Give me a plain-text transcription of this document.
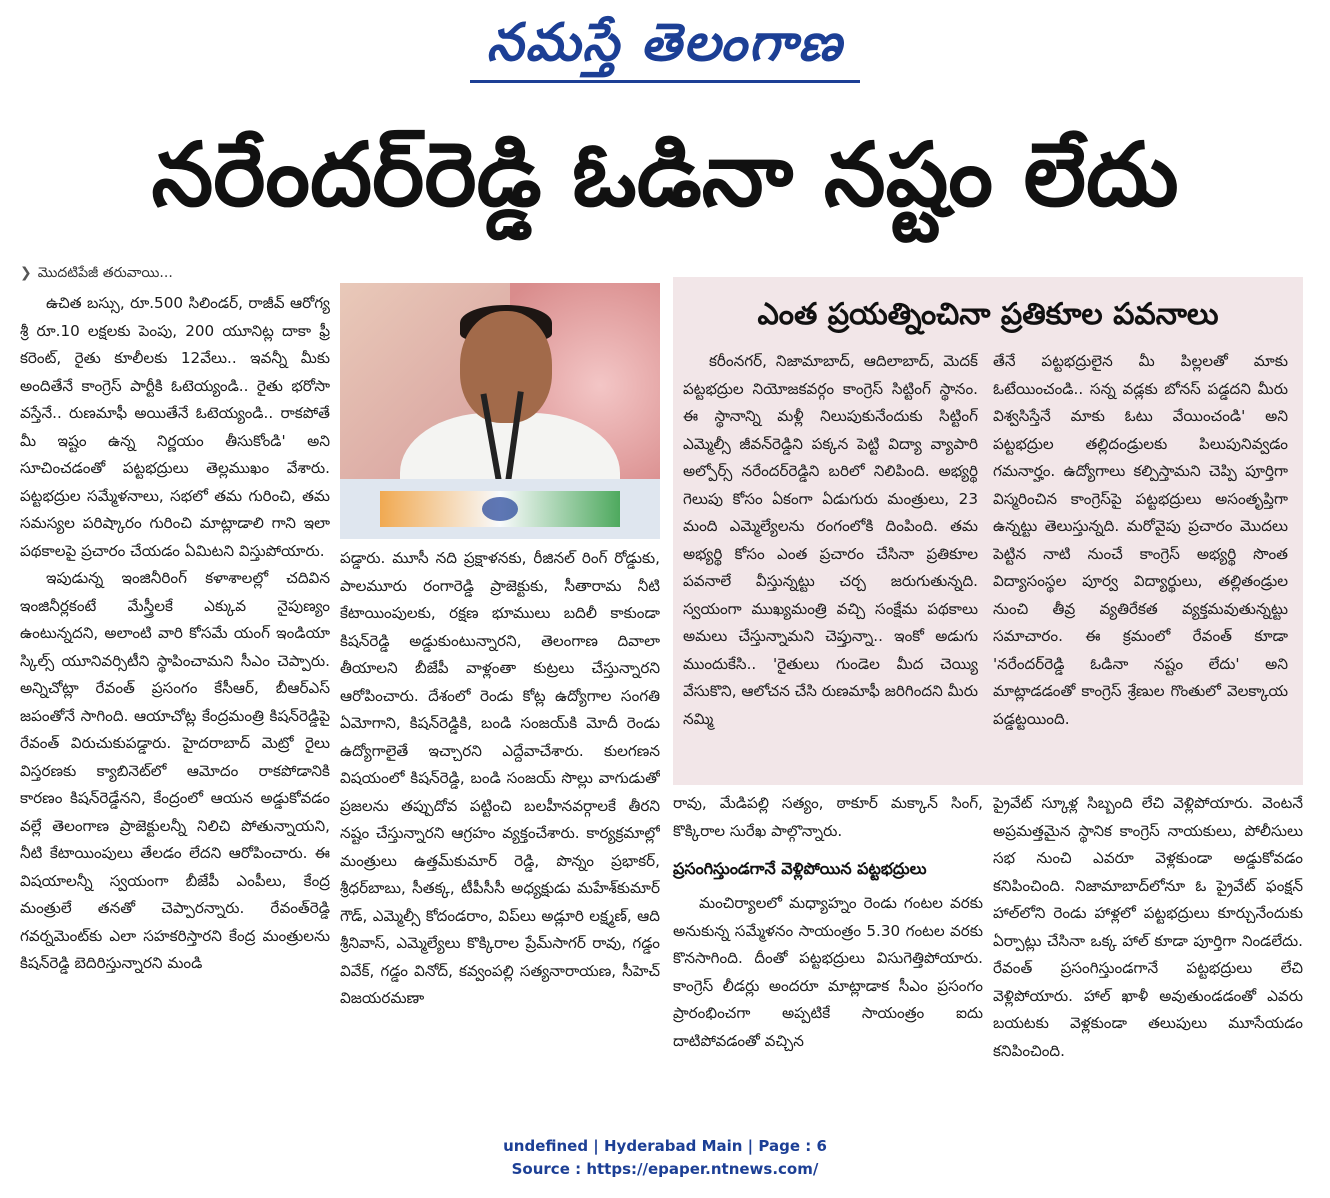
నమస్తే తెలంగాణ
నరేందర్‌రెడ్డి ఓడినా నష్టం లేదు
❯ మొదటిపేజీ తరువాయి...

ఉచిత బస్సు, రూ.500 సిలిండర్, రాజీవ్ ఆరోగ్య శ్రీ రూ.10 లక్షలకు పెంపు, 200 యూనిట్ల దాకా ఫ్రీ కరెంట్, రైతు కూలీలకు 12వేలు.. ఇవన్నీ మీకు అందితేనే కాంగ్రెస్ పార్టీకి ఓటెయ్యండి.. రైతు భరోసా వస్తేనే.. రుణమాఫీ అయితేనే ఓటెయ్యండి.. రాకపోతే మీ ఇష్టం ఉన్న నిర్ణయం తీసుకోండి' అని సూచించడంతో పట్టభద్రులు తెల్లముఖం వేశారు. పట్టభద్రుల సమ్మేళనాలు, సభలో తమ గురించి, తమ సమస్యల పరిష్కారం గురించి మాట్లాడాలి గాని ఇలా పథకాలపై ప్రచారం చేయడం ఏమిటని విస్తుపోయారు.

ఇపుడున్న ఇంజినీరింగ్ కళాశాలల్లో చదివిన ఇంజినీర్లకంటే మేస్త్రీలకే ఎక్కువ నైపుణ్యం ఉంటున్నదని, అలాంటి వారి కోసమే యంగ్ ఇండియా స్కిల్స్ యూనివర్సిటీని స్థాపించామని సీఎం చెప్పారు. అన్నిచోట్లా రేవంత్ ప్రసంగం కేసీఆర్, బీఆర్‌ఎస్ జపంతోనే సాగింది. ఆయాచోట్ల కేంద్రమంత్రి కిషన్‌రెడ్డిపై రేవంత్ విరుచుకుపడ్డారు. హైదరాబాద్ మెట్రో రైలు విస్తరణకు క్యాబినెట్‌లో ఆమోదం రాకపోడానికి కారణం కిషన్‌రెడ్డేనని, కేంద్రంలో ఆయన అడ్డుకోవడం వల్లే తెలంగాణ ప్రాజెక్టులన్నీ నిలిచి పోతున్నాయని, నీటి కేటాయింపులు తేలడం లేదని ఆరోపించారు. ఈ విషయాలన్నీ స్వయంగా బీజేపీ ఎంపీలు, కేంద్ర మంత్రులే తనతో చెప్పారన్నారు. రేవంత్‌రెడ్డి గవర్నమెంట్‌కు ఎలా సహకరిస్తారని కేంద్ర మంత్రులను కిషన్‌రెడ్డి బెదిరిస్తున్నారని మండి

పడ్డారు. మూసీ నది ప్రక్షాళనకు, రీజినల్ రింగ్ రోడ్డుకు, పాలమూరు రంగారెడ్డి ప్రాజెక్టుకు, సీతారామ నీటి కేటాయింపులకు, రక్షణ భూములు బదిలీ కాకుండా కిషన్‌రెడ్డి అడ్డుకుంటున్నారని, తెలంగాణ దివాలా తీయాలని బీజేపీ వాళ్లంతా కుట్రలు చేస్తున్నారని ఆరోపించారు. దేశంలో రెండు కోట్ల ఉద్యోగాల సంగతి ఏమోగాని, కిషన్‌రెడ్డికి, బండి సంజయ్‌కి మోదీ రెండు ఉద్యోగాలైతే ఇచ్చారని ఎద్దేవాచేశారు. కులగణన విషయంలో కిషన్‌రెడ్డి, బండి సంజయ్ సొల్లు వాగుడుతో ప్రజలను తప్పుదోవ పట్టించి బలహీనవర్గాలకే తీరని నష్టం చేస్తున్నారని ఆగ్రహం వ్యక్తంచేశారు. కార్యక్రమాల్లో మంత్రులు ఉత్తమ్‌కుమార్ రెడ్డి, పొన్నం ప్రభాకర్, శ్రీధర్‌బాబు, సీతక్క, టీపీసీసీ అధ్యక్షుడు మహేశ్‌కుమార్ గౌడ్, ఎమ్మెల్సీ కోదండరాం, విప్‌లు అడ్లూరి లక్ష్మణ్, ఆది శ్రీనివాస్, ఎమ్మెల్యేలు కొక్కిరాల ప్రేమ్‌సాగర్ రావు, గడ్డం వివేక్, గడ్డం వినోద్, కవ్వంపల్లి సత్యనారాయణ, సీహెచ్ విజయరమణా

ఎంత ప్రయత్నించినా ప్రతికూల పవనాలు

కరీంనగర్, నిజామాబాద్, ఆదిలాబాద్, మెదక్ పట్టభద్రుల నియోజకవర్గం కాంగ్రెస్ సిట్టింగ్ స్థానం. ఈ స్థానాన్ని మళ్లీ నిలుపుకునేందుకు సిట్టింగ్ ఎమ్మెల్సీ జీవన్‌రెడ్డిని పక్కన పెట్టి విద్యా వ్యాపారి అల్పోర్స్ నరేందర్‌రెడ్డిని బరిలో నిలిపింది. అభ్యర్థి గెలుపు కోసం ఏకంగా ఏడుగురు మంత్రులు, 23 మంది ఎమ్మెల్యేలను రంగంలోకి దింపింది. తమ అభ్యర్థి కోసం ఎంత ప్రచారం చేసినా ప్రతికూల పవనాలే వీస్తున్నట్టు చర్చ జరుగుతున్నది. స్వయంగా ముఖ్యమంత్రి వచ్చి సంక్షేమ పథకాలు అమలు చేస్తున్నామని చెప్తున్నా.. ఇంకో అడుగు ముందుకేసి.. 'రైతులు గుండెల మీద చెయ్యి వేసుకొని, ఆలోచన చేసి రుణమాఫీ జరిగిందని మీరు నమ్మి

తేనే పట్టభద్రులైన మీ పిల్లలతో మాకు ఓటేయించండి.. సన్న వడ్లకు బోనస్ పడ్డదని మీరు విశ్వసిస్తేనే మాకు ఓటు వేయించండి' అని పట్టభద్రుల తల్లిదండ్రులకు పిలుపునివ్వడం గమనార్హం. ఉద్యోగాలు కల్పిస్తామని చెప్పి పూర్తిగా విస్మరించిన కాంగ్రెస్‌పై పట్టభద్రులు అసంతృప్తిగా ఉన్నట్టు తెలుస్తున్నది. మరోవైపు ప్రచారం మొదలు పెట్టిన నాటి నుంచే కాంగ్రెస్ అభ్యర్థి సొంత విద్యాసంస్థల పూర్వ విద్యార్థులు, తల్లితండ్రుల నుంచి తీవ్ర వ్యతిరేకత వ్యక్తమవుతున్నట్టు సమాచారం. ఈ క్రమంలో రేవంత్ కూడా 'నరేందర్‌రెడ్డి ఓడినా నష్టం లేదు' అని మాట్లాడడంతో కాంగ్రెస్ శ్రేణుల గొంతులో వెలక్కాయ పడ్డట్టయింది.

రావు, మేడిపల్లి సత్యం, ఠాకూర్ మక్కాన్ సింగ్, కొక్కిరాల సురేఖ పాల్గొన్నారు.

ప్రసంగిస్తుండగానే వెళ్లిపోయిన పట్టభద్రులు

మంచిర్యాలలో మధ్యాహ్నం రెండు గంటల వరకు అనుకున్న సమ్మేళనం సాయంత్రం 5.30 గంటల వరకు కొనసాగింది. దీంతో పట్టభద్రులు విసుగెత్తిపోయారు. కాంగ్రెస్ లీడర్లు అందరూ మాట్లాడాక సీఎం ప్రసంగం ప్రారంభించగా అప్పటికే సాయంత్రం ఐదు దాటిపోవడంతో వచ్చిన

ప్రైవేట్ స్కూళ్ల సిబ్బంది లేచి వెళ్లిపోయారు. వెంటనే అప్రమత్తమైన స్థానిక కాంగ్రెస్ నాయకులు, పోలీసులు సభ నుంచి ఎవరూ వెళ్లకుండా అడ్డుకోవడం కనిపించింది. నిజామాబాద్‌లోనూ ఓ ప్రైవేట్ ఫంక్షన్ హాల్‌లోని రెండు హాళ్లలో పట్టభద్రులు కూర్చునేందుకు ఏర్పాట్లు చేసినా ఒక్క హాల్ కూడా పూర్తిగా నిండలేదు. రేవంత్ ప్రసంగిస్తుండగానే పట్టభద్రులు లేచి వెళ్లిపోయారు. హాల్ ఖాళీ అవుతుండడంతో ఎవరు బయటకు వెళ్లకుండా తలుపులు మూసేయడం కనిపించింది.

undefined | Hyderabad Main | Page : 6
Source : https://epaper.ntnews.com/
